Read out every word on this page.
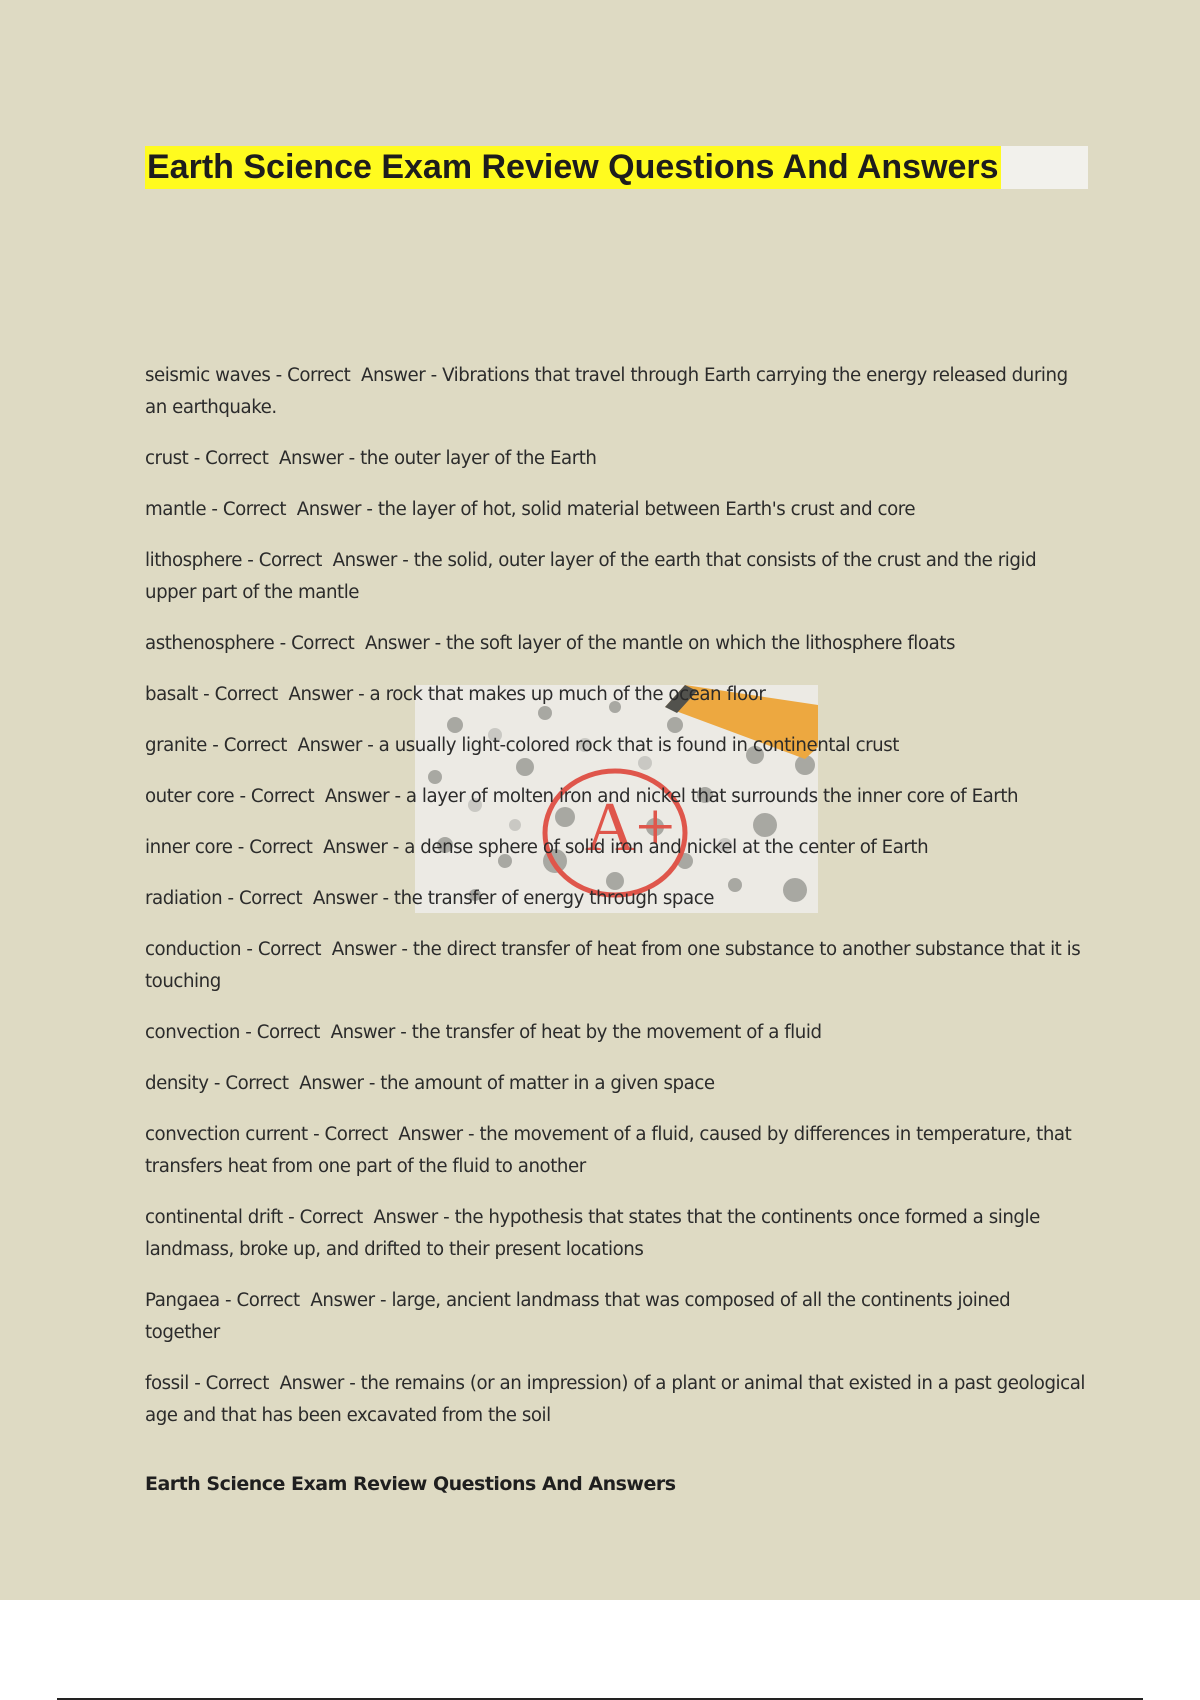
Earth Science Exam Review Questions And Answers
A+

seismic waves - Correct  Answer - Vibrations that travel through Earth carrying the energy released during an earthquake.

crust - Correct  Answer - the outer layer of the Earth

mantle - Correct  Answer - the layer of hot, solid material between Earth's crust and core

lithosphere - Correct  Answer - the solid, outer layer of the earth that consists of the crust and the rigid upper part of the mantle

asthenosphere - Correct  Answer - the soft layer of the mantle on which the lithosphere floats

basalt - Correct  Answer - a rock that makes up much of the ocean floor

granite - Correct  Answer - a usually light-colored rock that is found in continental crust

outer core - Correct  Answer - a layer of molten iron and nickel that surrounds the inner core of Earth

inner core - Correct  Answer - a dense sphere of solid iron and nickel at the center of Earth

radiation - Correct  Answer - the transfer of energy through space

conduction - Correct  Answer - the direct transfer of heat from one substance to another substance that it is touching

convection - Correct  Answer - the transfer of heat by the movement of a fluid

density - Correct  Answer - the amount of matter in a given space

convection current - Correct  Answer - the movement of a fluid, caused by differences in temperature, that transfers heat from one part of the fluid to another

continental drift - Correct  Answer - the hypothesis that states that the continents once formed a single landmass, broke up, and drifted to their present locations

Pangaea - Correct  Answer - large, ancient landmass that was composed of all the continents joined together

fossil - Correct  Answer - the remains (or an impression) of a plant or animal that existed in a past geological age and that has been excavated from the soil

Earth Science Exam Review Questions And Answers
